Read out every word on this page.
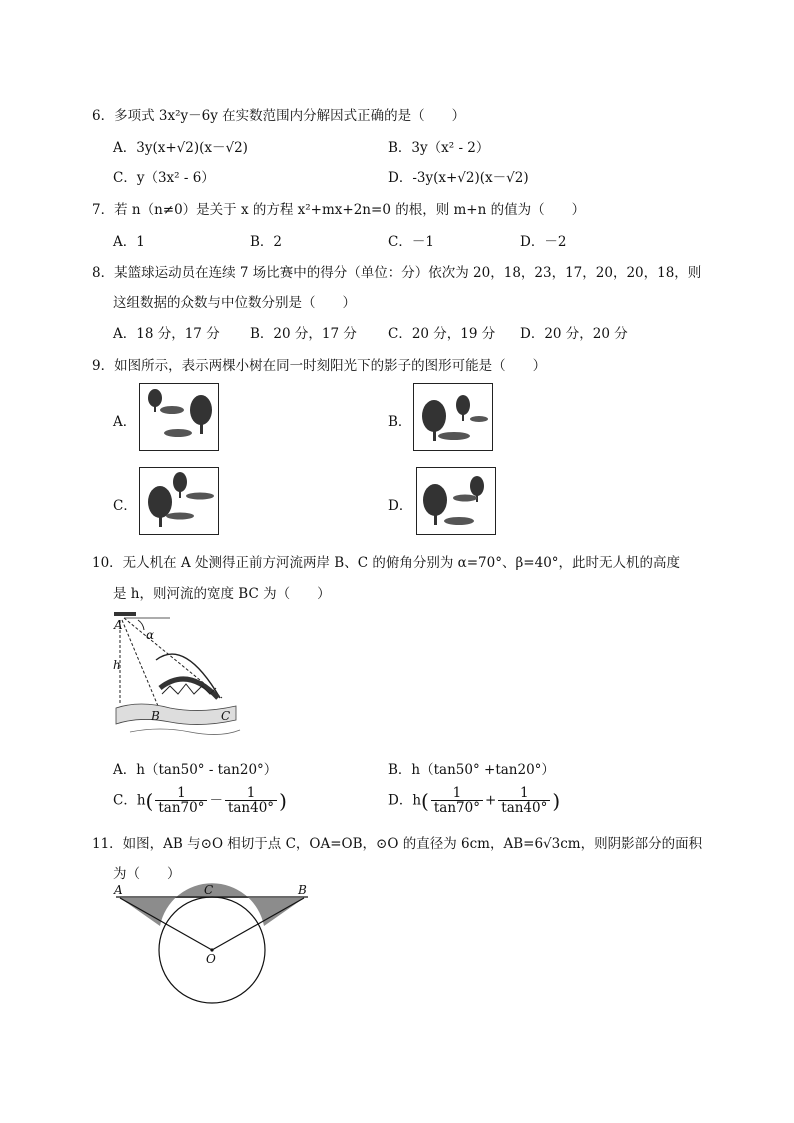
6．多项式 3x²y－6y 在实数范围内分解因式正确的是（　　）
A．3y(x+√2)(x－√2)	B．3y（x² - 2）
C．y（3x² - 6）	D．-3y(x+√2)(x－√2)
7．若 n（n≠0）是关于 x 的方程 x²+mx+2n=0 的根，则 m+n 的值为（　　）
A．1	B．2	C．－1	D．－2
8．某篮球运动员在连续 7 场比赛中的得分（单位：分）依次为 20，18，23，17，20，20，18，则
这组数据的众数与中位数分别是（　　）
A．18 分，17 分 B．20 分，17 分 C．20 分，19 分 D．20 分，20 分
9．如图所示，表示两棵小树在同一时刻阳光下的影子的图形可能是（　　）
A．	B．
C．	D．
10．无人机在 A 处测得正前方河流两岸 B、C 的俯角分别为 α=70°、β=40°，此时无人机的高度
是 h，则河流的宽度 BC 为（　　）
A
α
h
B	C
A．h（tan50° - tan20°）	B．h（tan50° +tan20°）
C．$h( \frac{1}{\tan 70^\circ} - \frac{1}{\tan 40^\circ}$ )	D．$h( \frac{1}{\tan 70^\circ} + \frac{1}{\tan 40^\circ}$ )
11．如图，AB 与⊙O 相切于点 C，OA=OB，⊙O 的直径为 6cm，AB=6√3cm，则阴影部分的面积
为（　　）
A	C	B
O
